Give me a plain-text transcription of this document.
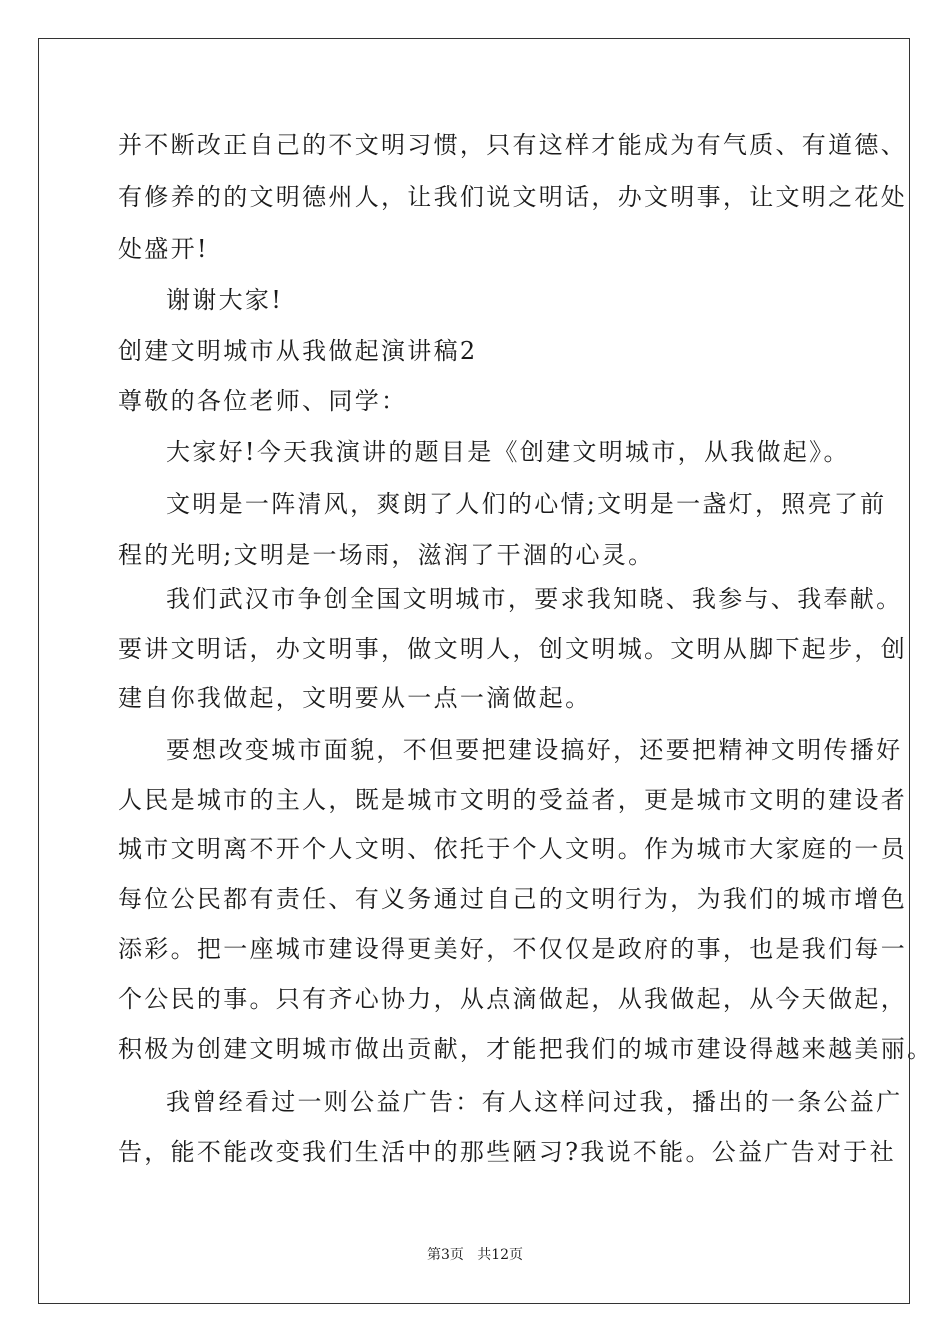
并不断改正自己的不文明习惯，只有这样才能成为有气质、有道德、
有修养的的文明德州人，让我们说文明话，办文明事，让文明之花处
处盛开!
谢谢大家!
创建文明城市从我做起演讲稿2
尊敬的各位老师、同学：
大家好!今天我演讲的题目是《创建文明城市，从我做起》。
文明是一阵清风，爽朗了人们的心情;文明是一盏灯，照亮了前
程的光明;文明是一场雨，滋润了干涸的心灵。
我们武汉市争创全国文明城市，要求我知晓、我参与、我奉献。
要讲文明话，办文明事，做文明人，创文明城。文明从脚下起步，创
建自你我做起，文明要从一点一滴做起。
要想改变城市面貌，不但要把建设搞好，还要把精神文明传播好
人民是城市的主人，既是城市文明的受益者，更是城市文明的建设者
城市文明离不开个人文明、依托于个人文明。作为城市大家庭的一员
每位公民都有责任、有义务通过自己的文明行为，为我们的城市增色
添彩。把一座城市建设得更美好，不仅仅是政府的事，也是我们每一
个公民的事。只有齐心协力，从点滴做起，从我做起，从今天做起，
积极为创建文明城市做出贡献，才能把我们的城市建设得越来越美丽。
我曾经看过一则公益广告：有人这样问过我，播出的一条公益广
告，能不能改变我们生活中的那些陋习?我说不能。公益广告对于社
第3页   共12页
